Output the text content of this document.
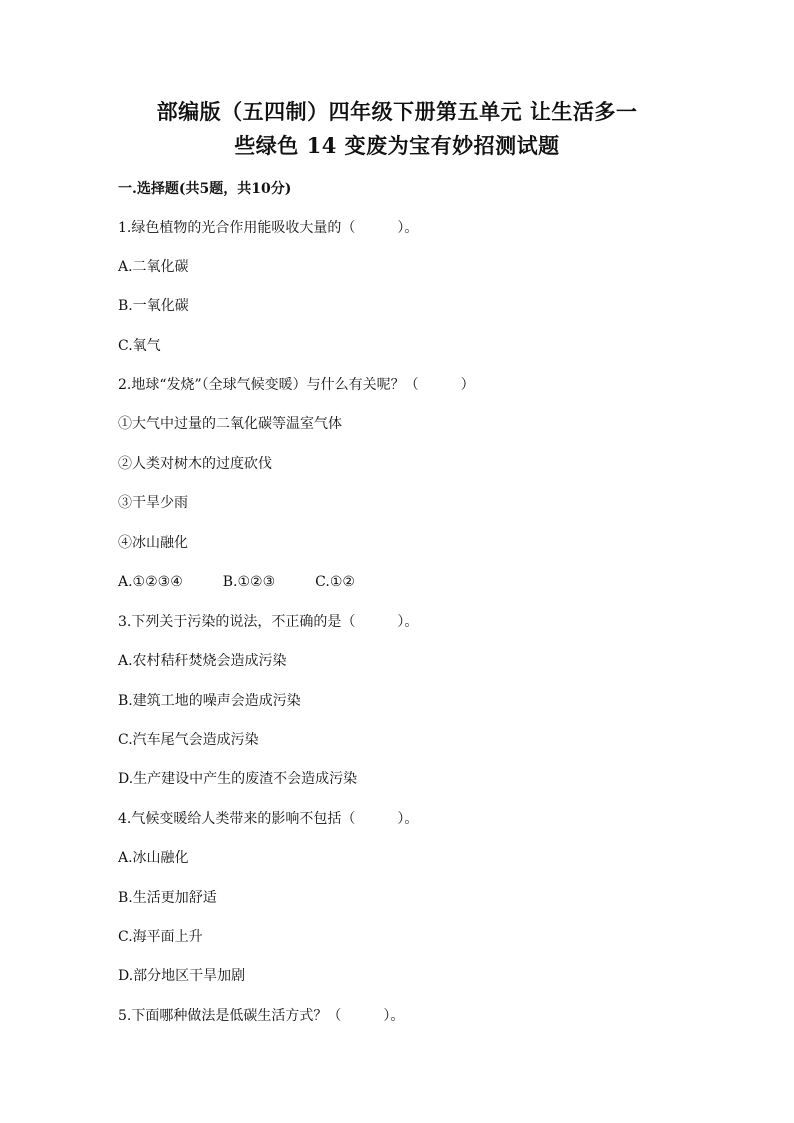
部编版（五四制）四年级下册第五单元 让生活多一
些绿色 14 变废为宝有妙招测试题
一.选择题(共5题，共10分)
1.绿色植物的光合作用能吸收大量的（　　　）。
A.二氧化碳
B.一氧化碳
C.氧气
2.地球“发烧”（全球气候变暖）与什么有关呢？（　　　）
①大气中过量的二氧化碳等温室气体
②人类对树木的过度砍伐
③干旱少雨
④冰山融化
A.①②③④	B.①②③	C.①②
3.下列关于污染的说法，不正确的是（　　　）。
A.农村秸秆焚烧会造成污染
B.建筑工地的噪声会造成污染
C.汽车尾气会造成污染
D.生产建设中产生的废渣不会造成污染
4.气候变暖给人类带来的影响不包括（　　　）。
A.冰山融化
B.生活更加舒适
C.海平面上升
D.部分地区干旱加剧
5.下面哪种做法是低碳生活方式？（　　　）。
